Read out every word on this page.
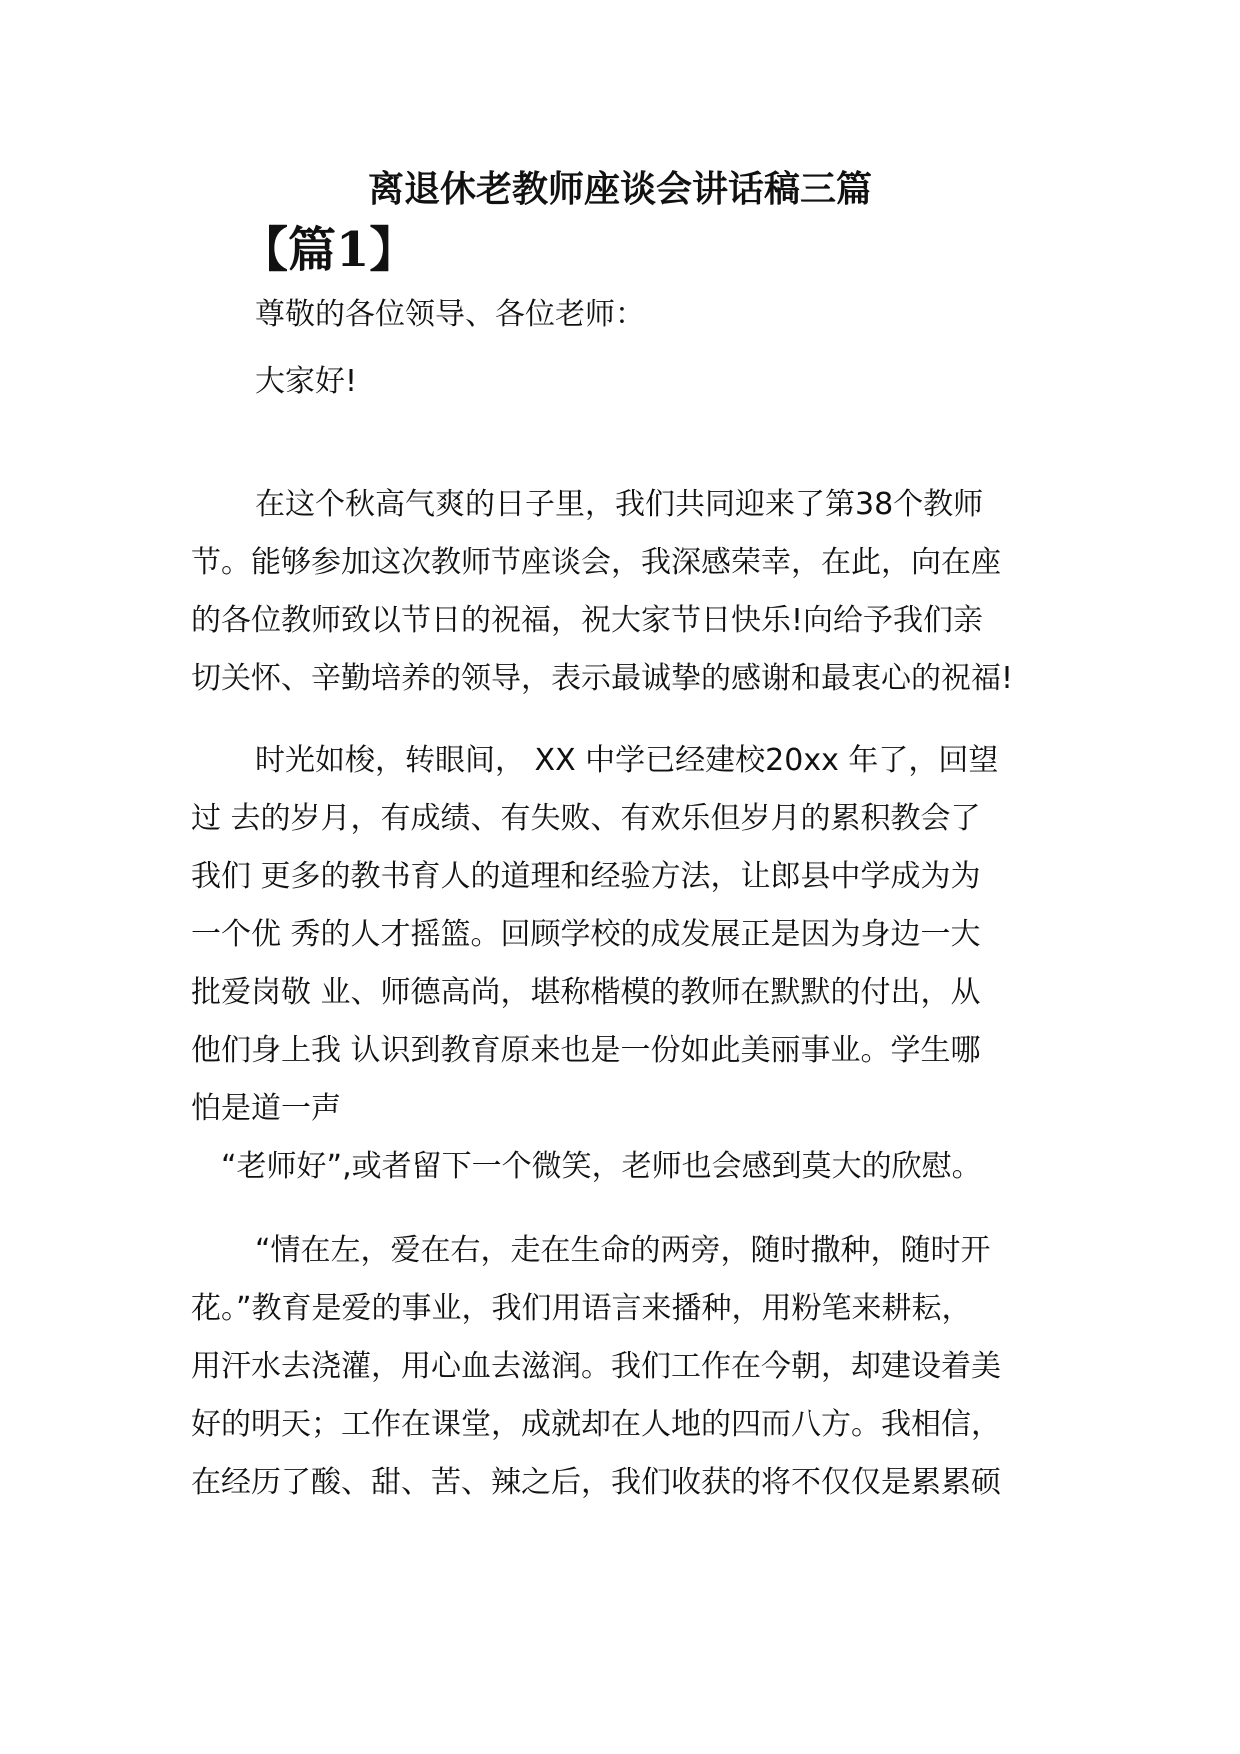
离退休老教师座谈会讲话稿三篇
【篇1】
尊敬的各位领导、各位老师：
大家好!
在这个秋高气爽的日子里，我们共同迎来了第38个教师
节。能够参加这次教师节座谈会，我深感荣幸，在此，向在座
的各位教师致以节日的祝福，祝大家节日快乐!向给予我们亲
切关怀、辛勤培养的领导，表示最诚挚的感谢和最衷心的祝福!
时光如梭，转眼间， XX 中学已经建校20xx 年了，回望
过 去的岁月，有成绩、有失败、有欢乐但岁月的累积教会了
我们 更多的教书育人的道理和经验方法，让郎县中学成为为
一个优 秀的人才摇篮。回顾学校的成发展正是因为身边一大
批爱岗敬 业、师德高尚，堪称楷模的教师在默默的付出，从
他们身上我 认识到教育原来也是一份如此美丽事业。学生哪
怕是道一声
“老师好”,或者留下一个微笑，老师也会感到莫大的欣慰。
“情在左，爱在右，走在生命的两旁，随时撒种，随时开
花。”教育是爱的事业，我们用语言来播种，用粉笔来耕耘，
用汗水去浇灌，用心血去滋润。我们工作在今朝，却建设着美
好的明天；工作在课堂，成就却在人地的四而八方。我相信，
在经历了酸、甜、苦、辣之后，我们收获的将不仅仅是累累硕
